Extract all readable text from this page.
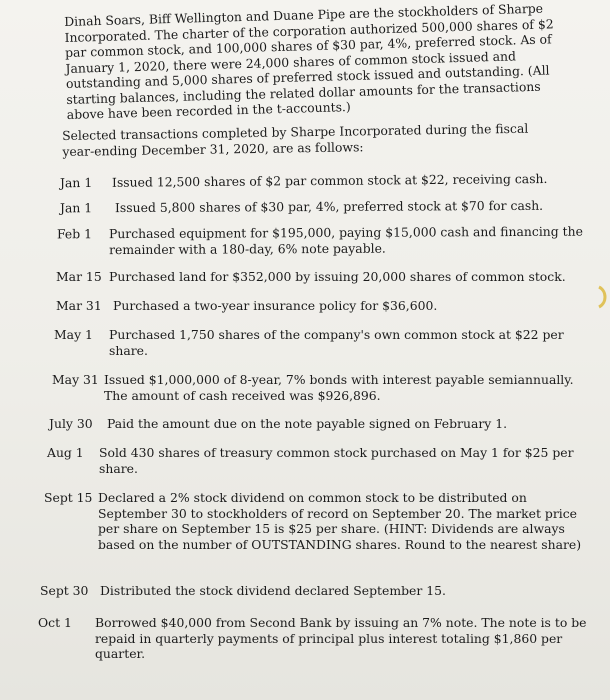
Dinah Soars, Biff Wellington and Duane Pipe are the stockholders of Sharpe Incorporated. The charter of the corporation authorized 500,000 shares of $2 par common stock, and 100,000 shares of $30 par, 4%, preferred stock. As of January 1, 2020, there were 24,000 shares of common stock issued and outstanding and 5,000 shares of preferred stock issued and outstanding. (All starting balances, including the related dollar amounts for the transactions above have been recorded in the t-accounts.)

Selected transactions completed by Sharpe Incorporated during the fiscal year-ending December 31, 2020, are as follows:

Jan 1	Issued 12,500 shares of $2 par common stock at $22, receiving cash.
Jan 1	Issued 5,800 shares of $30 par, 4%, preferred stock at $70 for cash.
Feb 1	Purchased equipment for $195,000, paying $15,000 cash and financing the remainder with a 180-day, 6% note payable.
Mar 15 Purchased land for $352,000 by issuing 20,000 shares of common stock.
Mar 31 Purchased a two-year insurance policy for $36,600.
May 1	Purchased 1,750 shares of the company's own common stock at $22 per share.
May 31 Issued $1,000,000 of 8-year, 7% bonds with interest payable semiannually. The amount of cash received was $926,896.
July 30	Paid the amount due on the note payable signed on February 1.
Aug 1	Sold 430 shares of treasury common stock purchased on May 1 for $25 per share.
Sept 15 Declared a 2% stock dividend on common stock to be distributed on September 30 to stockholders of record on September 20. The market price per share on September 15 is $25 per share. (HINT: Dividends are always based on the number of OUTSTANDING shares. Round to the nearest share)
Sept 30 Distributed the stock dividend declared September 15.
Oct 1	Borrowed $40,000 from Second Bank by issuing an 7% note. The note is to be repaid in quarterly payments of principal plus interest totaling $1,860 per quarter.
